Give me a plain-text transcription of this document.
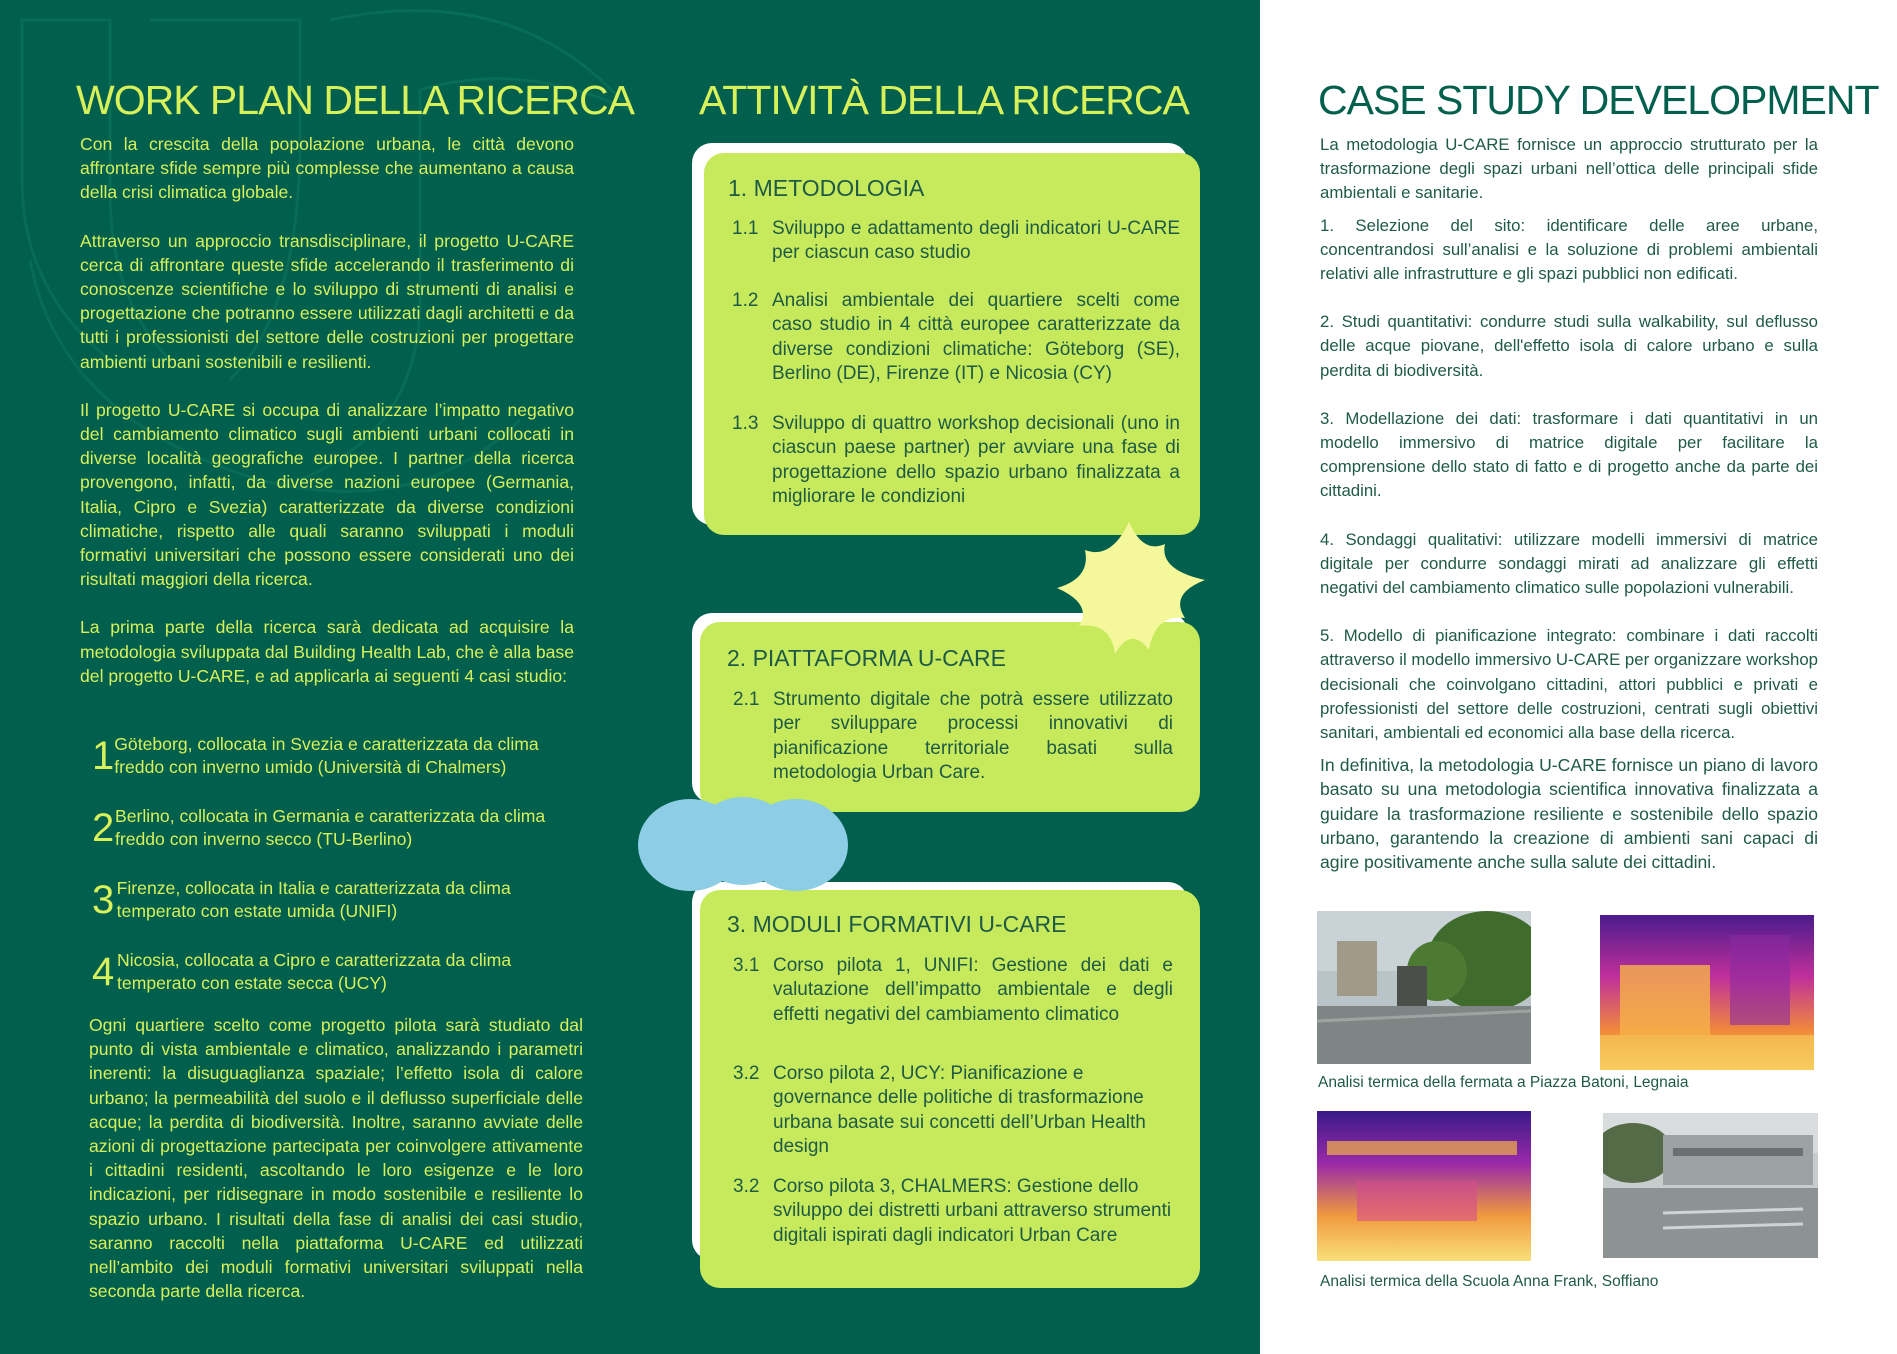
WORK PLAN DELLA RICERCA

Con la crescita della popolazione urbana, le città devono affrontare sfide sempre più complesse che aumentano a causa della crisi climatica globale.

Attraverso un approccio transdisciplinare, il progetto U-CARE cerca di affrontare queste sfide accelerando il trasferimento di conoscenze scientifiche e lo sviluppo di strumenti di analisi e progettazione che potranno essere utilizzati dagli architetti e da tutti i professionisti del settore delle costruzioni per progettare ambienti urbani sostenibili e resilienti.

Il progetto U-CARE si occupa di analizzare l’impatto negativo del cambiamento climatico sugli ambienti urbani collocati in diverse località geografiche europee. I partner della ricerca provengono, infatti, da diverse nazioni europee (Germania, Italia, Cipro e Svezia) caratterizzate da diverse condizioni climatiche, rispetto alle quali saranno sviluppati i moduli formativi universitari che possono essere considerati uno dei risultati maggiori della ricerca.

La prima parte della ricerca sarà dedicata ad acquisire la metodologia sviluppata dal Building Health Lab, che è alla base del progetto U-CARE, e ad applicarla ai seguenti 4 casi studio:

1 Göteborg, collocata in Svezia e caratterizzata da clima freddo con inverno umido (Università di Chalmers)
2 Berlino, collocata in Germania e caratterizzata da clima freddo con inverno secco (TU-Berlino)
3 Firenze, collocata in Italia e caratterizzata da clima temperato con estate umida (UNIFI)
4 Nicosia, collocata a Cipro e caratterizzata da clima temperato con estate secca (UCY)

Ogni quartiere scelto come progetto pilota sarà studiato dal punto di vista ambientale e climatico, analizzando i parametri inerenti: la disuguaglianza spaziale; l’effetto isola di calore urbano; la permeabilità del suolo e il deflusso superficiale delle acque; la perdita di biodiversità. Inoltre, saranno avviate delle azioni di progettazione partecipata per coinvolgere attivamente i cittadini residenti, ascoltando le loro esigenze e le loro indicazioni, per ridisegnare in modo sostenibile e resiliente lo spazio urbano. I risultati della fase di analisi dei casi studio, saranno raccolti nella piattaforma U-CARE ed utilizzati nell’ambito dei moduli formativi universitari sviluppati nella seconda parte della ricerca.

ATTIVITÀ DELLA RICERCA
1. METODOLOGIA
1.1 Sviluppo e adattamento degli indicatori U-CARE per ciascun caso studio
1.2 Analisi ambientale dei quartiere scelti come caso studio in 4 città europee caratterizzate da diverse condizioni climatiche: Göteborg (SE), Berlino (DE), Firenze (IT) e Nicosia (CY)
1.3 Sviluppo di quattro workshop decisionali (uno in ciascun paese partner) per avviare una fase di progettazione dello spazio urbano finalizzata a migliorare le condizioni
2. PIATTAFORMA U-CARE
2.1 Strumento digitale che potrà essere utilizzato per sviluppare processi innovativi di pianificazione territoriale basati sulla metodologia Urban Care.
3. MODULI FORMATIVI U-CARE
3.1 Corso pilota 1, UNIFI: Gestione dei dati e valutazione dell’impatto ambientale e degli effetti negativi del cambiamento climatico
3.2 Corso pilota 2, UCY: Pianificazione e governance delle politiche di trasformazione urbana basate sui concetti dell’Urban Health design
3.2 Corso pilota 3, CHALMERS: Gestione dello sviluppo dei distretti urbani attraverso strumenti digitali ispirati dagli indicatori Urban Care
CASE STUDY DEVELOPMENT

La metodologia U-CARE fornisce un approccio strutturato per la trasformazione degli spazi urbani nell’ottica delle principali sfide ambientali e sanitarie.

1. Selezione del sito: identificare delle aree urbane, concentrandosi sull’analisi e la soluzione di problemi ambientali relativi alle infrastrutture e gli spazi pubblici non edificati.

2. Studi quantitativi: condurre studi sulla walkability, sul deflusso delle acque piovane, dell'effetto isola di calore urbano e sulla perdita di biodiversità.

3. Modellazione dei dati: trasformare i dati quantitativi in un modello immersivo di matrice digitale per facilitare la comprensione dello stato di fatto e di progetto anche da parte dei cittadini.

4. Sondaggi qualitativi: utilizzare modelli immersivi di matrice digitale per condurre sondaggi mirati ad analizzare gli effetti negativi del cambiamento climatico sulle popolazioni vulnerabili.

5. Modello di pianificazione integrato: combinare i dati raccolti attraverso il modello immersivo U-CARE per organizzare workshop decisionali che coinvolgano cittadini, attori pubblici e privati e professionisti del settore delle costruzioni, centrati sugli obiettivi sanitari, ambientali ed economici alla base della ricerca.

In definitiva, la metodologia U-CARE fornisce un piano di lavoro basato su una metodologia scientifica innovativa finalizzata a guidare la trasformazione resiliente e sostenibile dello spazio urbano, garantendo la creazione di ambienti sani capaci di agire positivamente anche sulla salute dei cittadini.

Analisi termica della fermata a Piazza Batoni, Legnaia
Analisi termica della Scuola Anna Frank, Soffiano
